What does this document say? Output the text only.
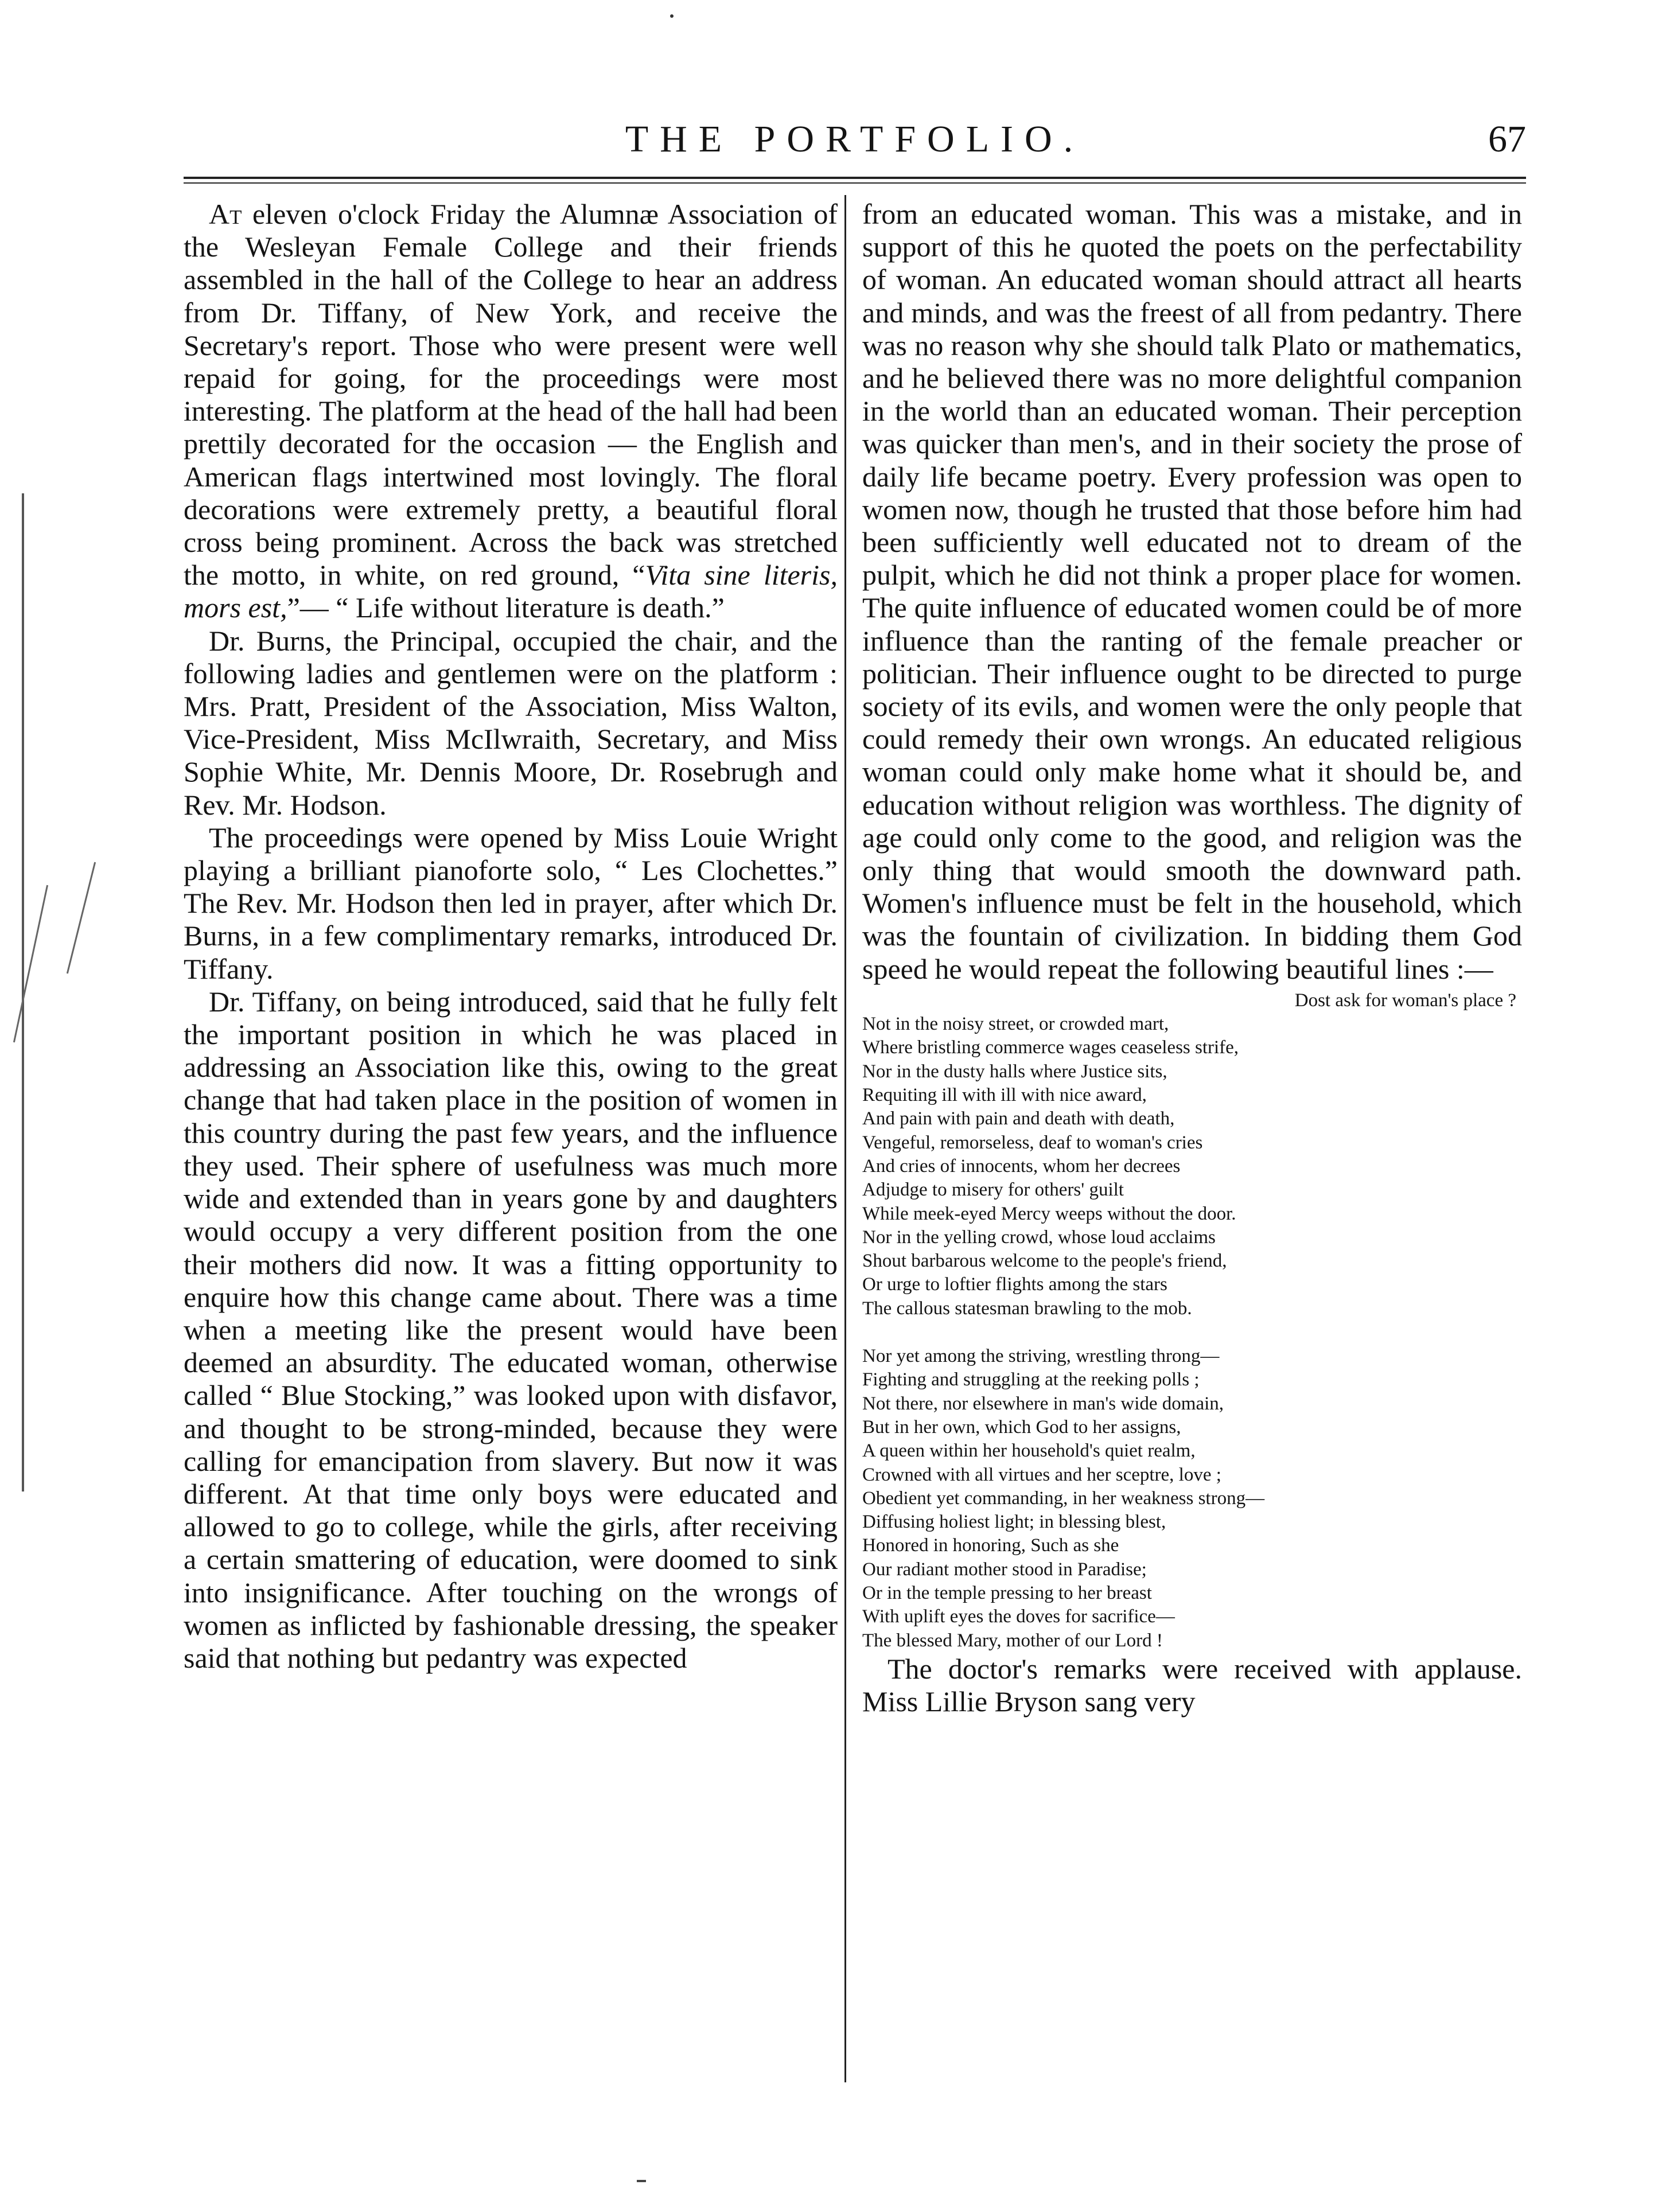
THE PORTFOLIO.	67

At eleven o'clock Friday the Alumnæ Association of the Wesleyan Female College and their friends assembled in the hall of the College to hear an address from Dr. Tiffany, of New York, and receive the Secretary's report. Those who were present were well repaid for going, for the proceedings were most interesting. The platform at the head of the hall had been prettily decorated for the occasion — the English and American flags intertwined most lovingly. The floral decorations were extremely pretty, a beautiful floral cross being prominent. Across the back was stretched the motto, in white, on red ground, “Vita sine literis, mors est,”— “ Life without literature is death.”

Dr. Burns, the Principal, occupied the chair, and the following ladies and gentlemen were on the platform : Mrs. Pratt, President of the Association, Miss Walton, Vice-President, Miss McIlwraith, Secretary, and Miss Sophie White, Mr. Dennis Moore, Dr. Rosebrugh and Rev. Mr. Hodson.

The proceedings were opened by Miss Louie Wright playing a brilliant pianoforte solo, “ Les Clochettes.” The Rev. Mr. Hodson then led in prayer, after which Dr. Burns, in a few complimentary remarks, introduced Dr. Tiffany.

Dr. Tiffany, on being introduced, said that he fully felt the important position in which he was placed in addressing an Association like this, owing to the great change that had taken place in the position of women in this country during the past few years, and the influence they used. Their sphere of usefulness was much more wide and extended than in years gone by and daughters would occupy a very different position from the one their mothers did now. It was a fitting opportunity to enquire how this change came about. There was a time when a meeting like the present would have been deemed an absurdity. The educated woman, otherwise called “ Blue Stocking,” was looked upon with disfavor, and thought to be strong-minded, because they were calling for emancipation from slavery. But now it was different. At that time only boys were educated and allowed to go to college, while the girls, after receiving a certain smattering of education, were doomed to sink into insignificance. After touching on the wrongs of women as inflicted by fashionable dressing, the speaker said that nothing but pedantry was expected

from an educated woman. This was a mistake, and in support of this he quoted the poets on the perfectability of woman. An educated woman should attract all hearts and minds, and was the freest of all from pedantry. There was no reason why she should talk Plato or mathematics, and he believed there was no more delightful companion in the world than an educated woman. Their perception was quicker than men's, and in their society the prose of daily life became poetry. Every profession was open to women now, though he trusted that those before him had been sufficiently well educated not to dream of the pulpit, which he did not think a proper place for women. The quite influence of educated women could be of more influence than the ranting of the female preacher or politician. Their influence ought to be directed to purge society of its evils, and women were the only people that could remedy their own wrongs. An educated religious woman could only make home what it should be, and education without religion was worthless. The dignity of age could only come to the good, and religion was the only thing that would smooth the downward path. Women's influence must be felt in the household, which was the fountain of civilization. In bidding them God speed he would repeat the following beautiful lines :—

Dost ask for woman's place ?
Not in the noisy street, or crowded mart,
Where bristling commerce wages ceaseless strife,
Nor in the dusty halls where Justice sits,
Requiting ill with ill with nice award,
And pain with pain and death with death,
Vengeful, remorseless, deaf to woman's cries
And cries of innocents, whom her decrees
Adjudge to misery for others' guilt
While meek-eyed Mercy weeps without the door.
Nor in the yelling crowd, whose loud acclaims
Shout barbarous welcome to the people's friend,
Or urge to loftier flights among the stars
The callous statesman brawling to the mob.
Nor yet among the striving, wrestling throng—
Fighting and struggling at the reeking polls ;
Not there, nor elsewhere in man's wide domain,
But in her own, which God to her assigns,
A queen within her household's quiet realm,
Crowned with all virtues and her sceptre, love ;
Obedient yet commanding, in her weakness strong—
Diffusing holiest light; in blessing blest,
Honored in honoring, Such as she
Our radiant mother stood in Paradise;
Or in the temple pressing to her breast
With uplift eyes the doves for sacrifice—
The blessed Mary, mother of our Lord !

The doctor's remarks were received with applause. Miss Lillie Bryson sang very
